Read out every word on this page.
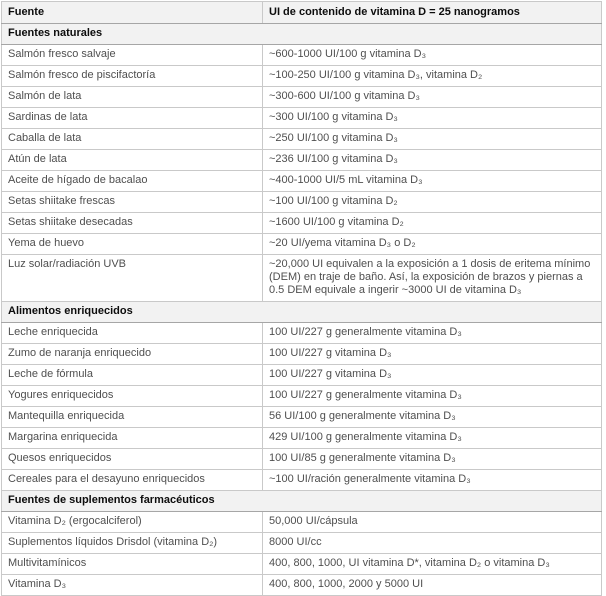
Fuente	UI de contenido de vitamina D = 25 nanogramos
Fuentes naturales	
Salmón fresco salvaje	~600-1000 UI/100 g vitamina D₃
Salmón fresco de piscifactoría	~100-250 UI/100 g vitamina D₃, vitamina D₂
Salmón de lata	~300-600 UI/100 g vitamina D₃
Sardinas de lata	~300 UI/100 g vitamina D₃
Caballa de lata	~250 UI/100 g vitamina D₃
Atún de lata	~236 UI/100 g vitamina D₃
Aceite de hígado de bacalao	~400-1000 UI/5 mL vitamina D₃
Setas shiitake frescas	~100 UI/100 g vitamina D₂
Setas shiitake desecadas	~1600 UI/100 g vitamina D₂
Yema de huevo	~20 UI/yema vitamina D₃ o D₂
Luz solar/radiación UVB	~20,000 UI equivalen a la exposición a 1 dosis de eritema mínimo (DEM) en traje de baño. Así, la exposición de brazos y piernas a 0.5 DEM equivale a ingerir ~3000 UI de vitamina D₃
Alimentos enriquecidos	
Leche enriquecida	100 UI/227 g generalmente vitamina D₃
Zumo de naranja enriquecido	100 UI/227 g vitamina D₃
Leche de fórmula	100 UI/227 g vitamina D₃
Yogures enriquecidos	100 UI/227 g generalmente vitamina D₃
Mantequilla enriquecida	56 UI/100 g generalmente vitamina D₃
Margarina enriquecida	429 UI/100 g generalmente vitamina D₃
Quesos enriquecidos	100 UI/85 g generalmente vitamina D₃
Cereales para el desayuno enriquecidos	~100 UI/ración generalmente vitamina D₃
Fuentes de suplementos farmacéuticos	
Vitamina D₂ (ergocalciferol)	50,000 UI/cápsula
Suplementos líquidos Drisdol (vitamina D₂)	8000 UI/cc
Multivitamínicos	400, 800, 1000, UI vitamina D*, vitamina D₂ o vitamina D₃
Vitamina D₃	400, 800, 1000, 2000 y 5000 UI
